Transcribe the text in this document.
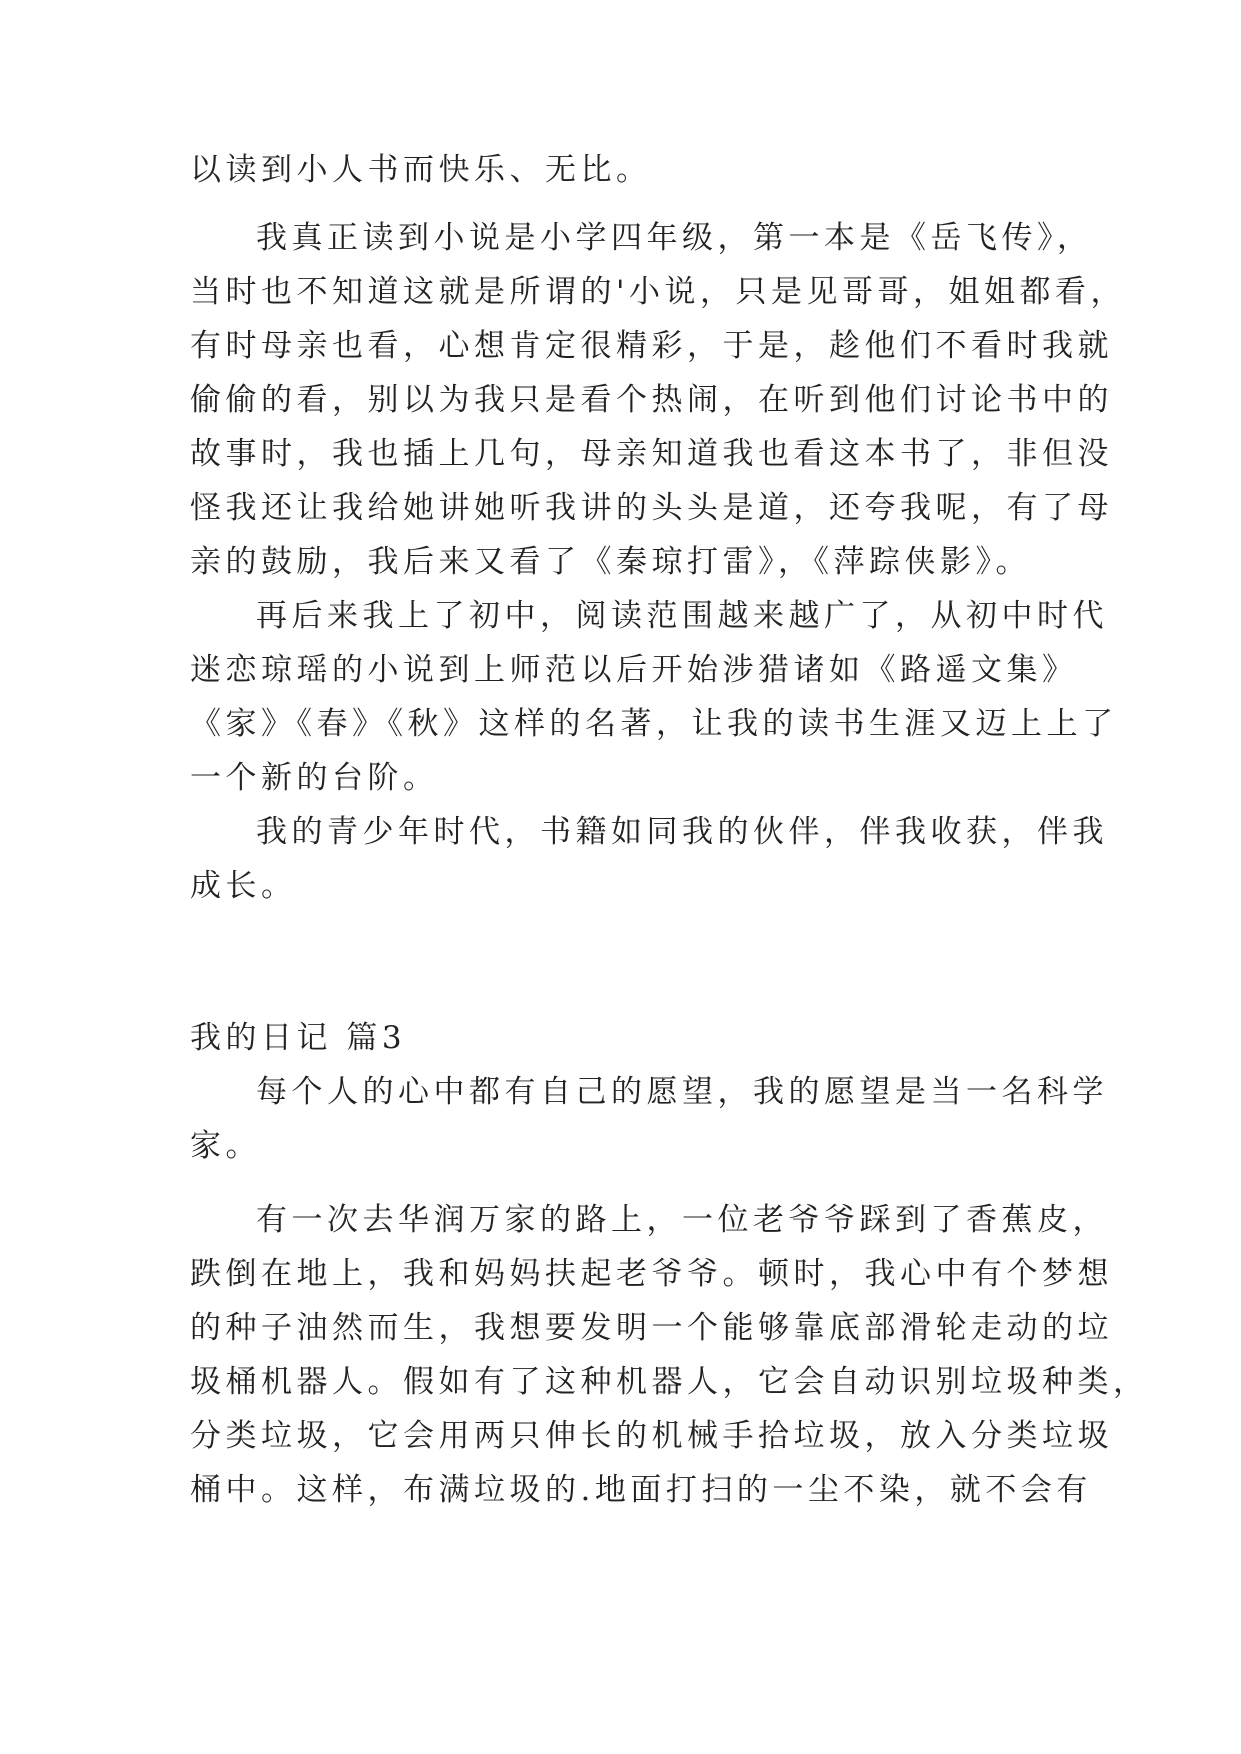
以读到小人书而快乐、无比。
我真正读到小说是小学四年级，第一本是《岳飞传》，
当时也不知道这就是所谓的'小说，只是见哥哥，姐姐都看，
有时母亲也看，心想肯定很精彩，于是，趁他们不看时我就
偷偷的看，别以为我只是看个热闹，在听到他们讨论书中的
故事时，我也插上几句，母亲知道我也看这本书了，非但没
怪我还让我给她讲她听我讲的头头是道，还夸我呢，有了母
亲的鼓励，我后来又看了《秦琼打雷》，《萍踪侠影》。
再后来我上了初中，阅读范围越来越广了，从初中时代
迷恋琼瑶的小说到上师范以后开始涉猎诸如《路遥文集》
《家》《春》《秋》这样的名著，让我的读书生涯又迈上上了
一个新的台阶。
我的青少年时代，书籍如同我的伙伴，伴我收获，伴我
成长。
我的日记 篇3
每个人的心中都有自己的愿望，我的愿望是当一名科学
家。
有一次去华润万家的路上，一位老爷爷踩到了香蕉皮，
跌倒在地上，我和妈妈扶起老爷爷。顿时，我心中有个梦想
的种子油然而生，我想要发明一个能够靠底部滑轮走动的垃
圾桶机器人。假如有了这种机器人，它会自动识别垃圾种类，
分类垃圾，它会用两只伸长的机械手拾垃圾，放入分类垃圾
桶中。这样，布满垃圾的.地面打扫的一尘不染，就不会有
